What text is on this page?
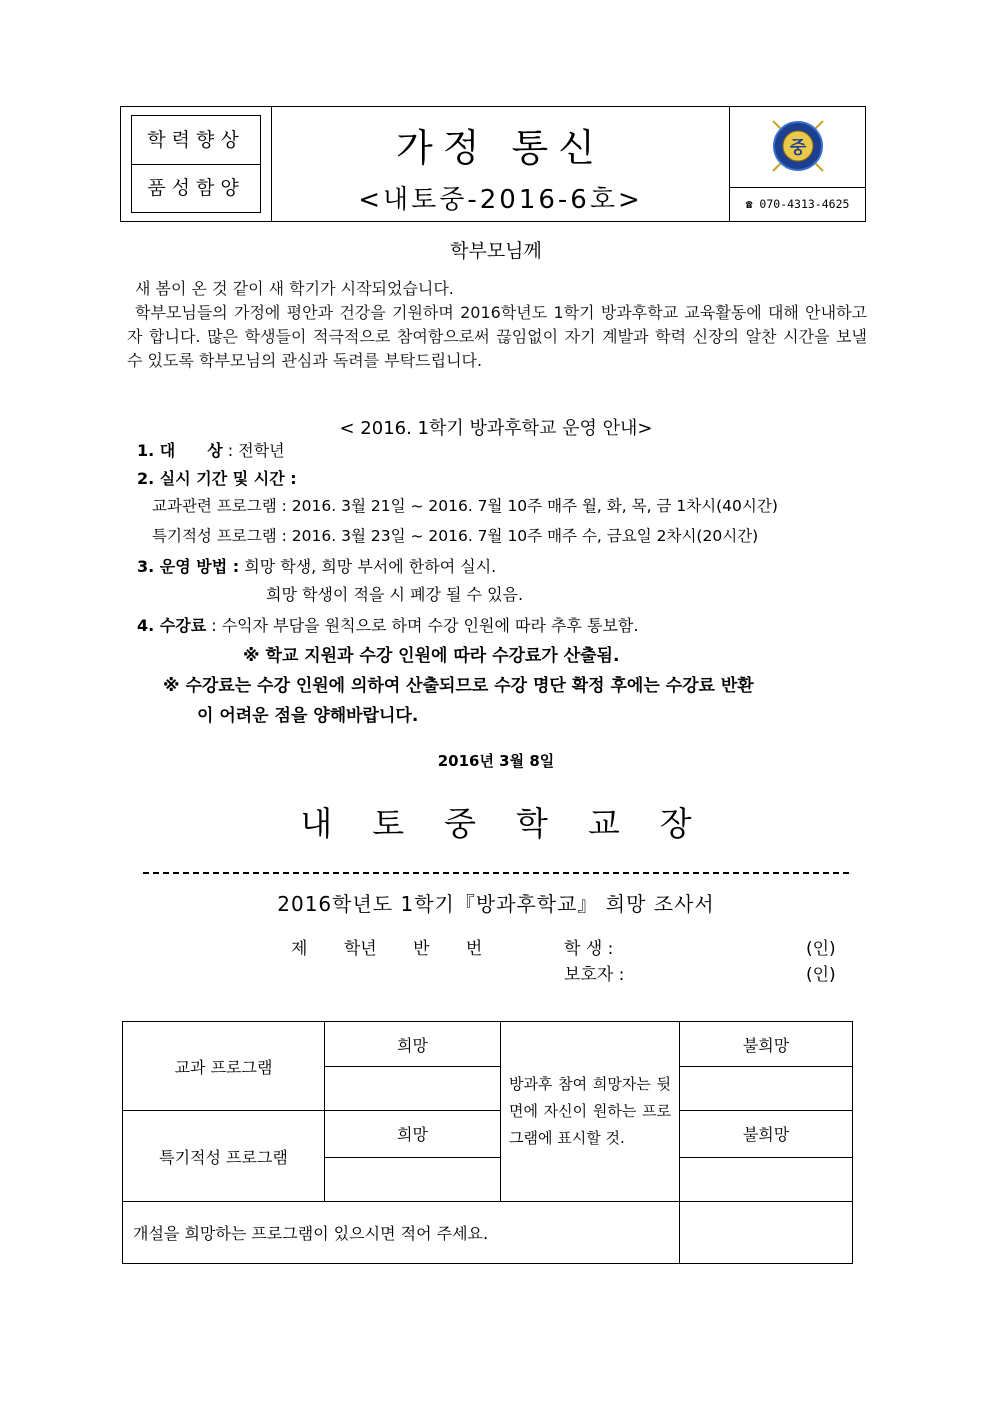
학력향상
품성함양
가정 통신
<내토중-2016-6호>
중
☎ 070-4313-4625
학부모님께

새 봄이 온 것 같이 새 학기가 시작되었습니다.

학부모님들의 가정에 평안과 건강을 기원하며 2016학년도 1학기 방과후학교 교육활동에 대해 안내하고자 합니다. 많은 학생들이 적극적으로 참여함으로써 끊임없이 자기 계발과 학력 신장의 알찬 시간을 보낼 수 있도록 학부모님의 관심과 독려를 부탁드립니다.

< 2016. 1학기 방과후학교 운영 안내>
1. 대　　상 : 전학년
2. 실시 기간 및 시간 :
교과관련 프로그램 : 2016. 3월 21일 ~ 2016. 7월 10주 매주 월, 화, 목, 금 1차시(40시간)
특기적성 프로그램 : 2016. 3월 23일 ~ 2016. 7월 10주 매주 수, 금요일 2차시(20시간)
3. 운영 방법 : 희망 학생, 희망 부서에 한하여 실시.
희망 학생이 적을 시 폐강 될 수 있음.
4. 수강료 : 수익자 부담을 원칙으로 하며 수강 인원에 따라 추후 통보함.
※ 학교 지원과 수강 인원에 따라 수강료가 산출됨.
※ 수강료는 수강 인원에 의하여 산출되므로 수강 명단 확정 후에는 수강료 반환
이 어려운 점을 양해바랍니다.
2016년 3월 8일
내토중학교장
2016학년도 1학기『방과후학교』 희망 조사서
제　 학년　 반　 번	학 생 :	(인)
보호자 :	(인)
교과 프로그램	희망	방과후 참여 희망자는 뒷면에 자신이 원하는 프로그램에 표시할 것.	불희망

특기적성 프로그램	희망		불희망

개설을 희망하는 프로그램이 있으시면 적어 주세요.			
